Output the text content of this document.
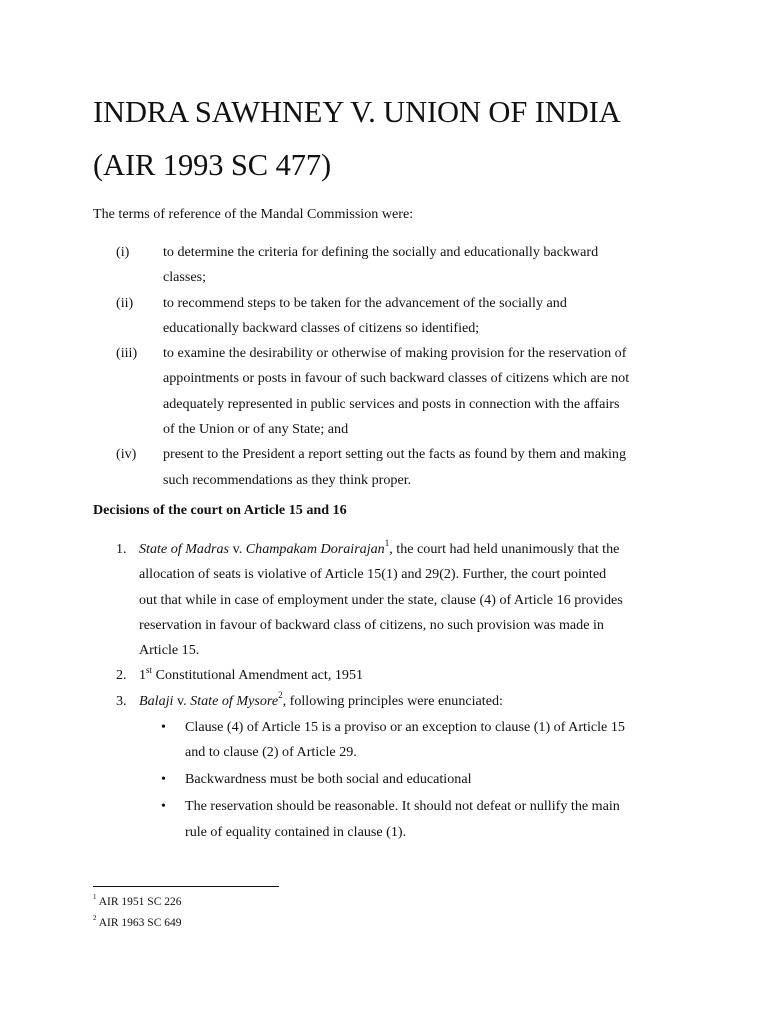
INDRA SAWHNEY V. UNION OF INDIA
(AIR 1993 SC 477)
The terms of reference of the Mandal Commission were:
(i) to determine the criteria for defining the socially and educationally backward
classes;
(ii) to recommend steps to be taken for the advancement of the socially and
educationally backward classes of citizens so identified;
(iii) to examine the desirability or otherwise of making provision for the reservation of
appointments or posts in favour of such backward classes of citizens which are not
adequately represented in public services and posts in connection with the affairs
of the Union or of any State; and
(iv) present to the President a report setting out the facts as found by them and making
such recommendations as they think proper.
Decisions of the court on Article 15 and 16
1. State of Madras v. Champakam Dorairajan$^1$, the court had held unanimously that the
allocation of seats is violative of Article 15(1) and 29(2). Further, the court pointed
out that while in case of employment under the state, clause (4) of Article 16 provides
reservation in favour of backward class of citizens, no such provision was made in
Article 15.
2. 1st Constitutional Amendment act, 1951
3. Balaji v. State of Mysore$^2$, following principles were enunciated:
• Clause (4) of Article 15 is a proviso or an exception to clause (1) of Article 15
and to clause (2) of Article 29.
• Backwardness must be both social and educational
• The reservation should be reasonable. It should not defeat or nullify the main
rule of equality contained in clause (1).
$^1$ AIR 1951 SC 226
$^2$ AIR 1963 SC 649
